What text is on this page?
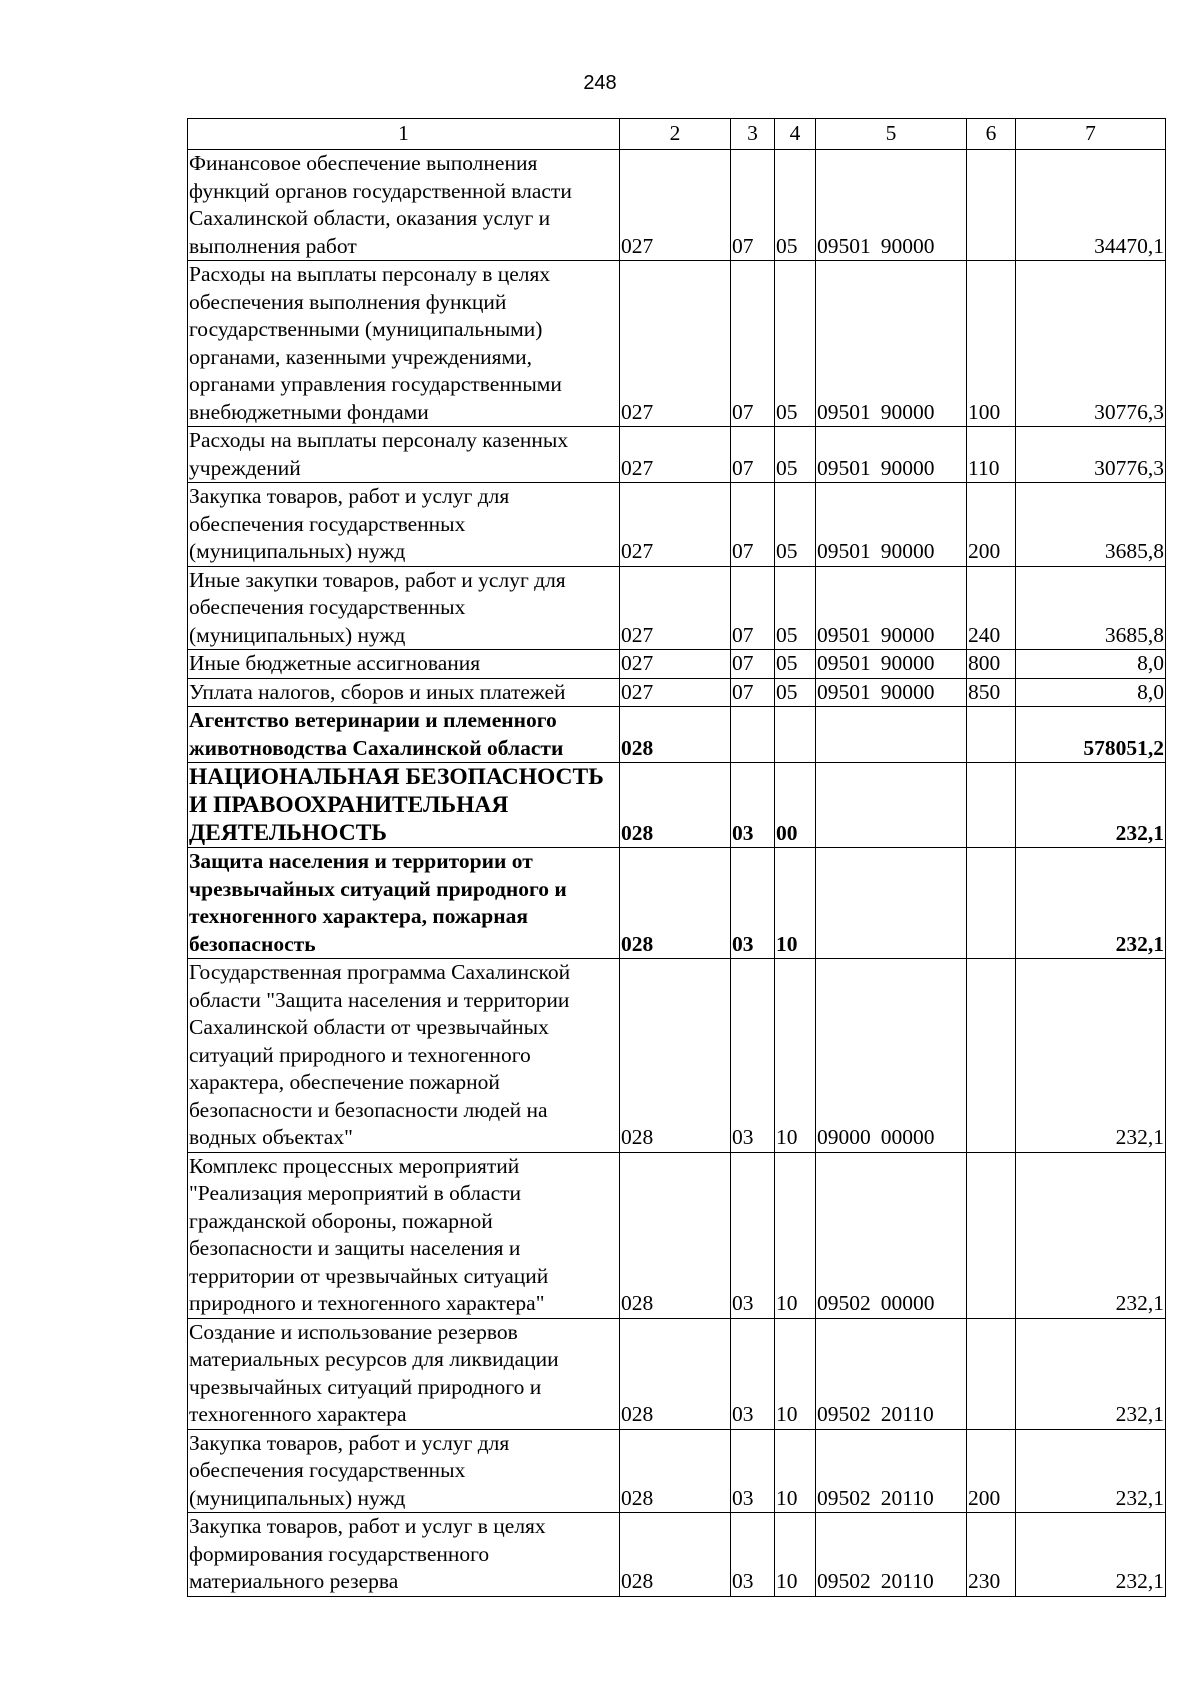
248
1	2	3	4	5	6	7
Финансовое обеспечение выполнения функций органов государственной власти Сахалинской области, оказания услуг и выполнения работ	027	07	05	09501 90000		34470,1
Расходы на выплаты персоналу в целях обеспечения выполнения функций государственными (муниципальными) органами, казенными учреждениями, органами управления государственными внебюджетными фондами	027	07	05	09501 90000	100	30776,3
Расходы на выплаты персоналу казенных учреждений	027	07	05	09501 90000	110	30776,3
Закупка товаров, работ и услуг для обеспечения государственных (муниципальных) нужд	027	07	05	09501 90000	200	3685,8
Иные закупки товаров, работ и услуг для обеспечения государственных (муниципальных) нужд	027	07	05	09501 90000	240	3685,8
Иные бюджетные ассигнования	027	07	05	09501 90000	800	8,0
Уплата налогов, сборов и иных платежей	027	07	05	09501 90000	850	8,0
Агентство ветеринарии и племенного животноводства Сахалинской области	028					578051,2
НАЦИОНАЛЬНАЯ БЕЗОПАСНОСТЬ И ПРАВООХРАНИТЕЛЬНАЯ ДЕЯТЕЛЬНОСТЬ	028	03	00			232,1
Защита населения и территории от чрезвычайных ситуаций природного и техногенного характера, пожарная безопасность	028	03	10			232,1
Государственная программа Сахалинской области "Защита населения и территории Сахалинской области от чрезвычайных ситуаций природного и техногенного характера, обеспечение пожарной безопасности и безопасности людей на водных объектах"	028	03	10	09000 00000		232,1
Комплекс процессных мероприятий "Реализация мероприятий в области гражданской обороны, пожарной безопасности и защиты населения и территории от чрезвычайных ситуаций природного и техногенного характера"	028	03	10	09502 00000		232,1
Создание и использование резервов материальных ресурсов для ликвидации чрезвычайных ситуаций природного и техногенного характера	028	03	10	09502 20110		232,1
Закупка товаров, работ и услуг для обеспечения государственных (муниципальных) нужд	028	03	10	09502 20110	200	232,1
Закупка товаров, работ и услуг в целях формирования государственного материального резерва	028	03	10	09502 20110	230	232,1
